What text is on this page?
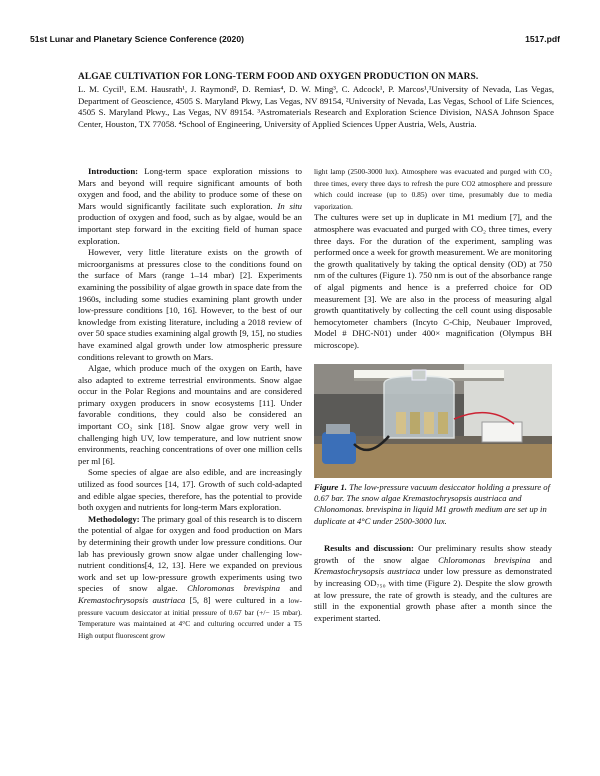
51st Lunar and Planetary Science Conference (2020)	1517.pdf
ALGAE CULTIVATION FOR LONG-TERM FOOD AND OXYGEN PRODUCTION ON MARS.
L. M. Cycil¹, E.M. Hausrath¹, J. Raymond², D. Remias⁴, D. W. Ming³, C. Adcock¹, P. Marcos¹,¹University of Nevada, Las Vegas, Department of Geoscience, 4505 S. Maryland Pkwy, Las Vegas, NV 89154, ²University of Nevada, Las Vegas, School of Life Sciences, 4505 S. Maryland Pkwy., Las Vegas, NV 89154. ³Astromaterials Research and Exploration Science Division, NASA Johnson Space Center, Houston, TX 77058. ⁴School of Engineering, University of Applied Sciences Upper Austria, Wels, Austria.

Introduction: Long-term space exploration missions to Mars and beyond will require significant amounts of both oxygen and food, and the ability to produce some of these on Mars would significantly facilitate such exploration. In situ production of oxygen and food, such as by algae, would be an important step forward in the exciting field of human space exploration.

However, very little literature exists on the growth of microorganisms at pressures close to the conditions found on the surface of Mars (range 1–14 mbar) [2]. Experiments examining the possibility of algae growth in space date from the 1960s, including some studies examining plant growth under low-pressure conditions [10, 16]. However, to the best of our knowledge from existing literature, including a 2018 review of over 50 space studies examining algal growth [9, 15], no studies have examined algal growth under low atmospheric pressure conditions relevant to growth on Mars.

Algae, which produce much of the oxygen on Earth, have also adapted to extreme terrestrial environments. Snow algae occur in the Polar Regions and mountains and are considered primary oxygen producers in snow ecosystems [11]. Under favorable conditions, they could also be considered an important CO₂ sink [18]. Snow algae grow very well in challenging high UV, low temperature, and low nutrient snow environments, reaching concentrations of over one million cells per ml [6].

Some species of algae are also edible, and are increasingly utilized as food sources [14, 17]. Growth of such cold-adapted and edible algae species, therefore, has the potential to provide both oxygen and nutrients for long-term Mars exploration.

Methodology: The primary goal of this research is to discern the potential of algae for oxygen and food production on Mars by determining their growth under low pressure conditions. Our lab has previously grown snow algae under challenging low-nutrient conditions[4, 12, 13]. Here we expanded on previous work and set up low-pressure growth experiments using two species of snow algae. Chloromonas brevispina and Kremastochrysopsis austriaca [5, 8] were cultured in a low-pressure vacuum desiccator at initial pressure of 0.67 bar (+/− 15 mbar). Temperature was maintained at 4°C and culturing occurred under a T5 High output fluorescent grow

light lamp (2500-3000 lux). Atmosphere was evacuated and purged with CO₂ three times, every three days to refresh the pure CO2 atmosphere and pressure which could increase (up to 0.85) over time, presumably due to media vaporization.

The cultures were set up in duplicate in M1 medium [7], and the atmosphere was evacuated and purged with CO₂ three times, every three days. For the duration of the experiment, sampling was performed once a week for growth measurement. We are monitoring the growth qualitatively by taking the optical density (OD) at 750 nm of the cultures (Figure 1). 750 nm is out of the absorbance range of algal pigments and hence is a preferred choice for OD measurement [3]. We are also in the process of measuring algal growth quantitatively by collecting the cell count using disposable hemocytometer chambers (Incyto C-Chip, Neubauer Improved, Model # DHC-N01) under 400× magnification (Olympus BH microscope).

Figure 1. The low-pressure vacuum desiccator holding a pressure of 0.67 bar. The snow algae Kremastochrysopsis austriaca and Chlonomonas. brevispina in liquid M1 growth medium are set up in duplicate at 4°C under 2500-3000 lux.

Results and discussion: Our preliminary results show steady growth of the snow algae Chloromonas brevispina and Kremastochrysopsis austriaca under low pressure as demonstrated by increasing OD₇₅₀ with time (Figure 2). Despite the slow growth at low pressure, the rate of growth is steady, and the cultures are still in the exponential growth phase after a month since the experiment started.
